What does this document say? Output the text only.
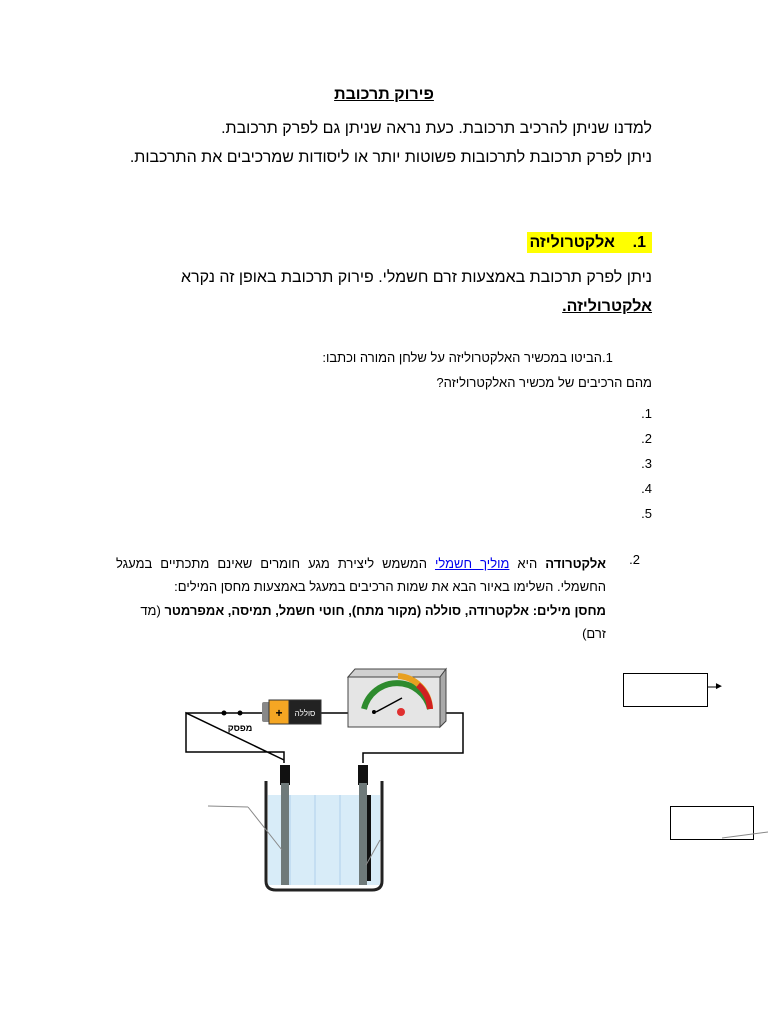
פירוק תרכובת
למדנו שניתן להרכיב תרכובת. כעת נראה שניתן גם לפרק תרכובת.
ניתן לפרק תרכובת לתרכובות פשוטות יותר או ליסודות שמרכיבים את התרכבות.
1.    אלקטרוליזה
ניתן לפרק תרכובת באמצעות זרם חשמלי. פירוק תרכובת באופן זה נקרא אלקטרוליזה.
1.הביטו במכשיר האלקטרוליזה על שלחן המורה וכתבו:
מהם הרכיבים של מכשיר האלקטרוליזה?
1.
2.
3.
4.
5.
2.
אלקטרודה היא מוליך חשמלי המשמש ליצירת מגע חומרים שאינם מתכתיים במעגל החשמלי. השלימו באיור הבא את שמות הרכיבים במעגל באמצעות מחסן המילים:
מחסן מילים: אלקטרודה, סוללה (מקור מתח), חוטי חשמל, תמיסה, אמפרמטר (מד זרם)
מפסק
+ סוללה
►
